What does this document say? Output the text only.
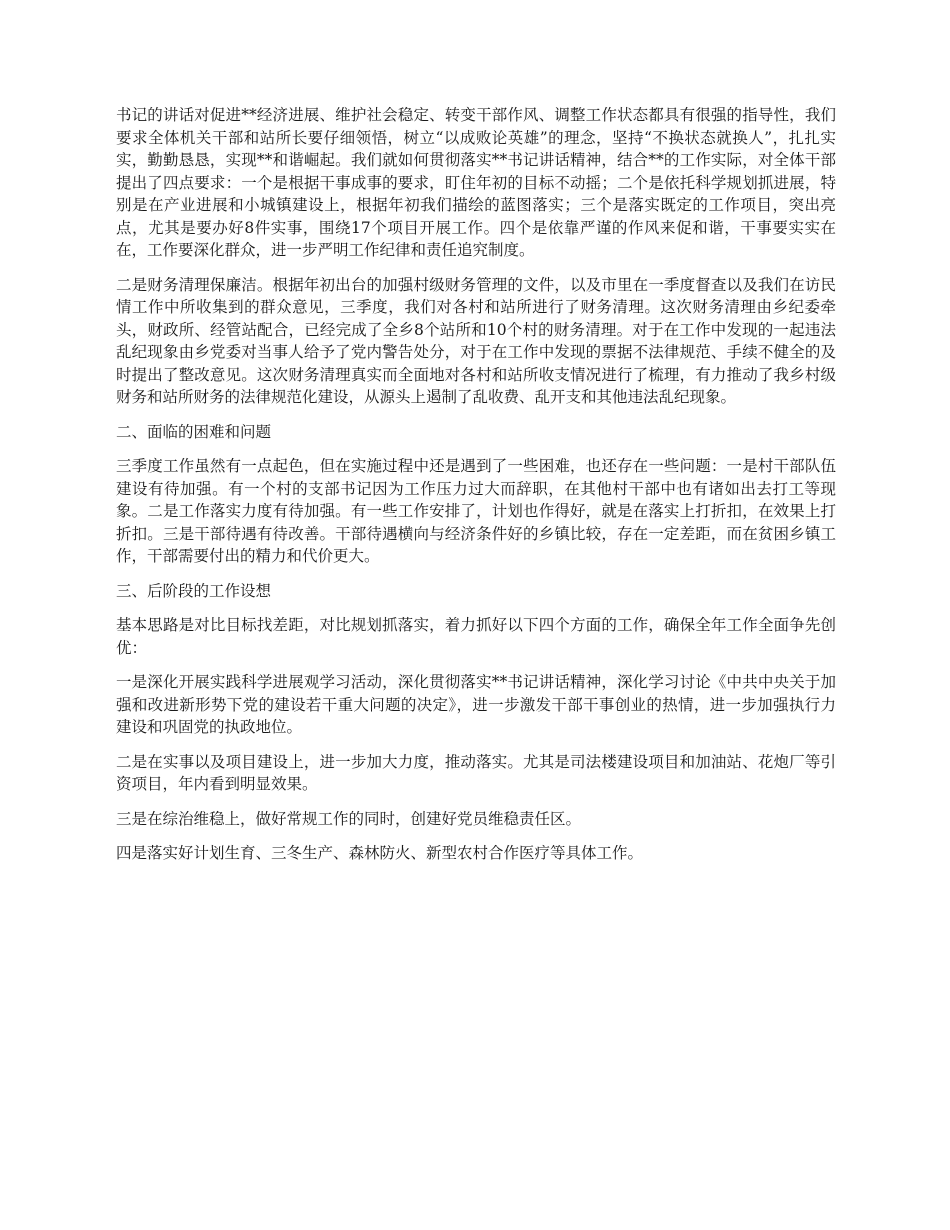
书记的讲话对促进**经济进展、维护社会稳定、转变干部作风、调整工作状态都具有很强的指导性，我们要求全体机关干部和站所长要仔细领悟，树立“以成败论英雄”的理念，坚持“不换状态就换人”，扎扎实实，勤勤恳恳，实现**和谐崛起。我们就如何贯彻落实**书记讲话精神，结合**的工作实际，对全体干部提出了四点要求：一个是根据干事成事的要求，盯住年初的目标不动摇；二个是依托科学规划抓进展，特别是在产业进展和小城镇建设上，根据年初我们描绘的蓝图落实；三个是落实既定的工作项目，突出亮点，尤其是要办好8件实事，围绕17个项目开展工作。四个是依靠严谨的作风来促和谐，干事要实实在在，工作要深化群众，进一步严明工作纪律和责任追究制度。

二是财务清理保廉洁。根据年初出台的加强村级财务管理的文件，以及市里在一季度督查以及我们在访民情工作中所收集到的群众意见，三季度，我们对各村和站所进行了财务清理。这次财务清理由乡纪委牵头，财政所、经管站配合，已经完成了全乡8个站所和10个村的财务清理。对于在工作中发现的一起违法乱纪现象由乡党委对当事人给予了党内警告处分，对于在工作中发现的票据不法律规范、手续不健全的及时提出了整改意见。这次财务清理真实而全面地对各村和站所收支情况进行了梳理，有力推动了我乡村级财务和站所财务的法律规范化建设，从源头上遏制了乱收费、乱开支和其他违法乱纪现象。

二、面临的困难和问题

三季度工作虽然有一点起色，但在实施过程中还是遇到了一些困难，也还存在一些问题：一是村干部队伍建设有待加强。有一个村的支部书记因为工作压力过大而辞职，在其他村干部中也有诸如出去打工等现象。二是工作落实力度有待加强。有一些工作安排了，计划也作得好，就是在落实上打折扣，在效果上打折扣。三是干部待遇有待改善。干部待遇横向与经济条件好的乡镇比较，存在一定差距，而在贫困乡镇工作，干部需要付出的精力和代价更大。

三、后阶段的工作设想

基本思路是对比目标找差距，对比规划抓落实，着力抓好以下四个方面的工作，确保全年工作全面争先创优：

一是深化开展实践科学进展观学习活动，深化贯彻落实**书记讲话精神，深化学习讨论《中共中央关于加强和改进新形势下党的建设若干重大问题的决定》，进一步激发干部干事创业的热情，进一步加强执行力建设和巩固党的执政地位。

二是在实事以及项目建设上，进一步加大力度，推动落实。尤其是司法楼建设项目和加油站、花炮厂等引资项目，年内看到明显效果。

三是在综治维稳上，做好常规工作的同时，创建好党员维稳责任区。

四是落实好计划生育、三冬生产、森林防火、新型农村合作医疗等具体工作。
